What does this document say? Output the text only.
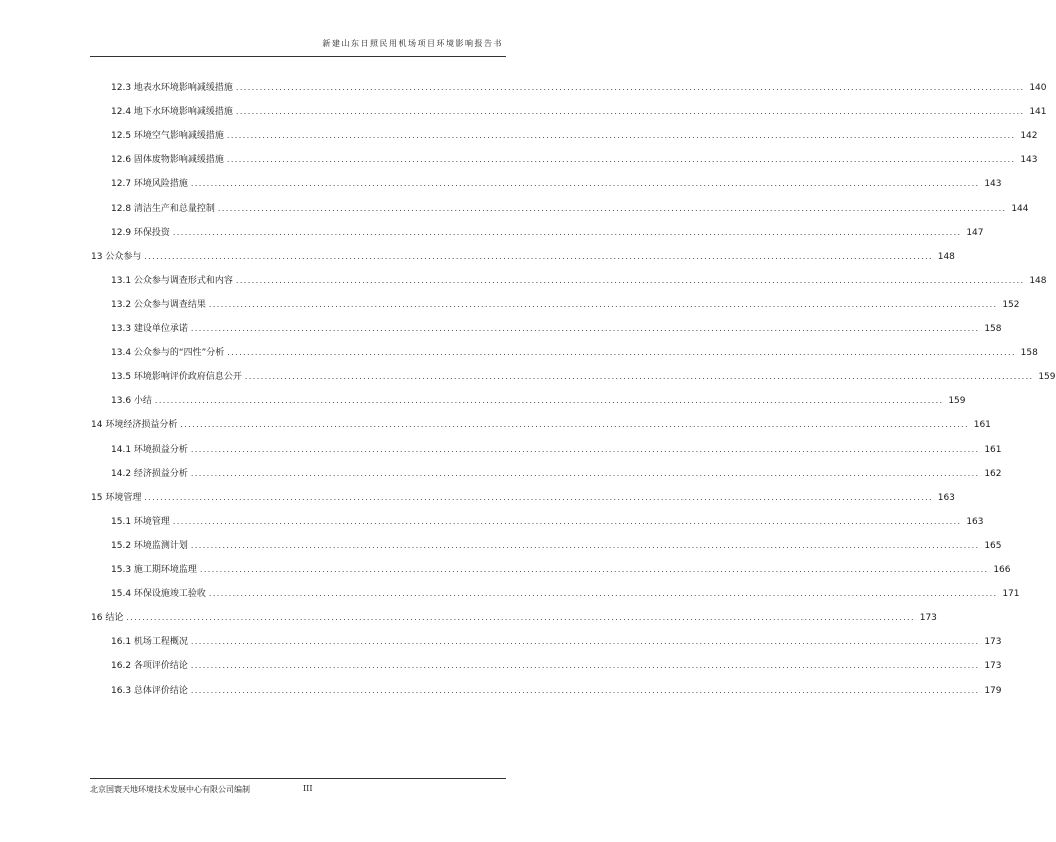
新建山东日照民用机场项目环境影响报告书
12.3 地表水环境影响减缓措施 ........................................................................................................................................................................................................ 140
12.4 地下水环境影响减缓措施 ........................................................................................................................................................................................................ 141
12.5 环境空气影响减缓措施 ........................................................................................................................................................................................................ 142
12.6 固体废物影响减缓措施 ........................................................................................................................................................................................................ 143
12.7 环境风险措施 ........................................................................................................................................................................................................ 143
12.8 清洁生产和总量控制 ........................................................................................................................................................................................................ 144
12.9 环保投资 ........................................................................................................................................................................................................ 147
13 公众参与 ........................................................................................................................................................................................................ 148
13.1 公众参与调查形式和内容 ........................................................................................................................................................................................................ 148
13.2 公众参与调查结果 ........................................................................................................................................................................................................ 152
13.3 建设单位承诺 ........................................................................................................................................................................................................ 158
13.4 公众参与的“四性”分析 ........................................................................................................................................................................................................ 158
13.5 环境影响评价政府信息公开 ........................................................................................................................................................................................................ 159
13.6 小结 ........................................................................................................................................................................................................ 159
14 环境经济损益分析 ........................................................................................................................................................................................................ 161
14.1 环境损益分析 ........................................................................................................................................................................................................ 161
14.2 经济损益分析 ........................................................................................................................................................................................................ 162
15 环境管理 ........................................................................................................................................................................................................ 163
15.1 环境管理 ........................................................................................................................................................................................................ 163
15.2 环境监测计划 ........................................................................................................................................................................................................ 165
15.3 施工期环境监理 ........................................................................................................................................................................................................ 166
15.4 环保设施竣工验收 ........................................................................................................................................................................................................ 171
16 结论 ........................................................................................................................................................................................................ 173
16.1 机场工程概况 ........................................................................................................................................................................................................ 173
16.2 各项评价结论 ........................................................................................................................................................................................................ 173
16.3 总体评价结论 ........................................................................................................................................................................................................ 179
北京国寰天地环境技术发展中心有限公司编制	III
